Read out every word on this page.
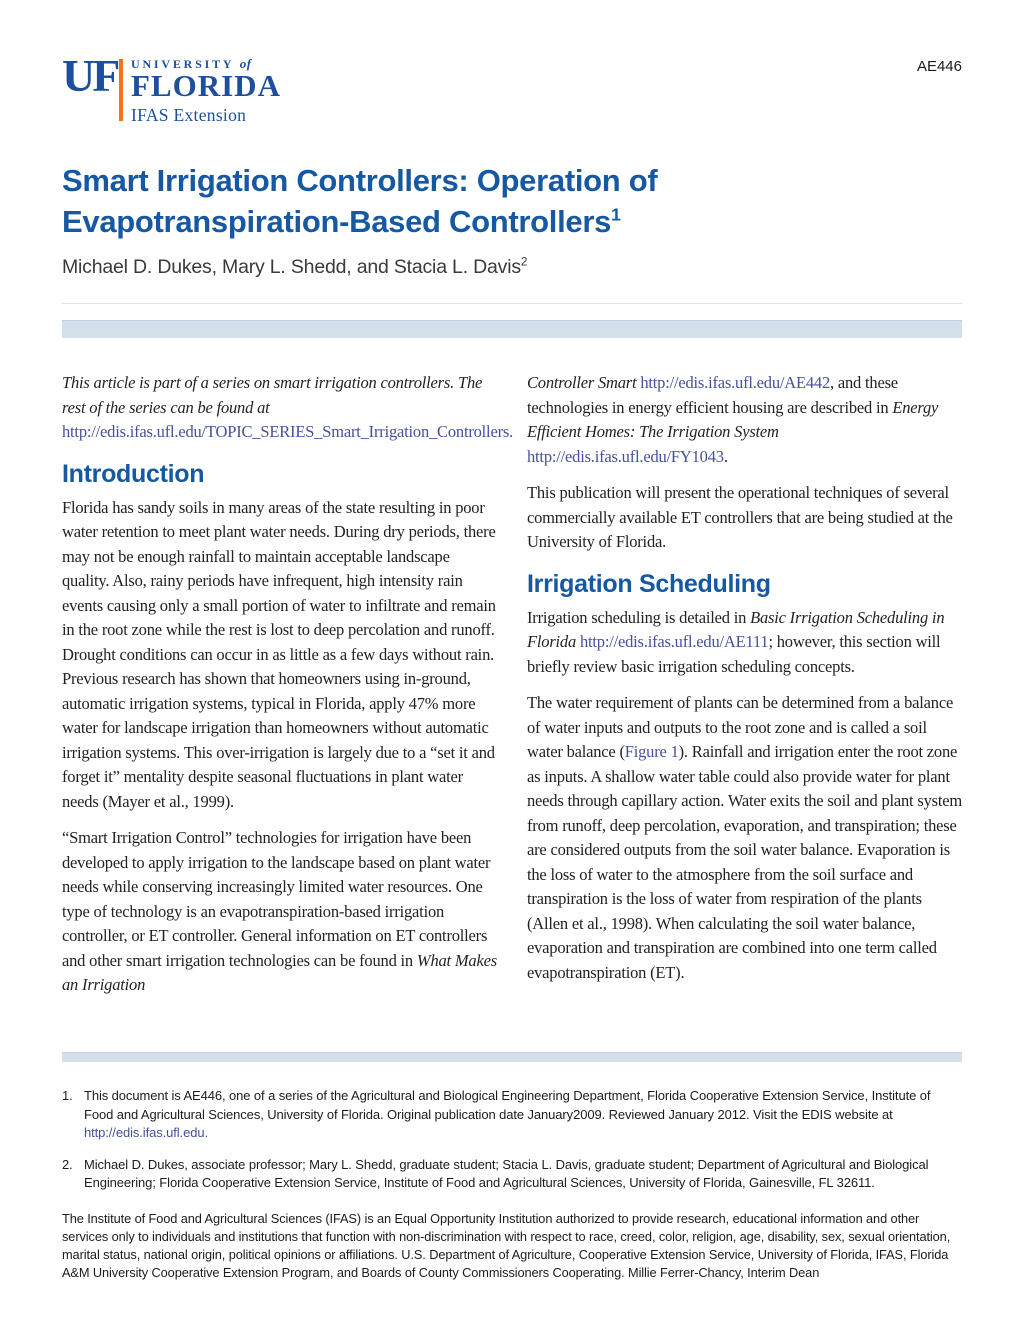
UF UNIVERSITY of
FLORIDA
IFAS Extension
AE446
Smart Irrigation Controllers: Operation of
Evapotranspiration-Based Controllers$^1$
Michael D. Dukes, Mary L. Shedd, and Stacia L. Davis$^2$

This article is part of a series on smart irrigation controllers. The rest of the series can be found at http://edis.ifas.ufl.edu/TOPIC_SERIES_Smart_Irrigation_Controllers.

Introduction

Florida has sandy soils in many areas of the state resulting in poor water retention to meet plant water needs. During dry periods, there may not be enough rainfall to maintain acceptable landscape quality. Also, rainy periods have infrequent, high intensity rain events causing only a small portion of water to infiltrate and remain in the root zone while the rest is lost to deep percolation and runoff. Drought conditions can occur in as little as a few days without rain. Previous research has shown that homeowners using in-ground, automatic irrigation systems, typical in Florida, apply 47% more water for landscape irrigation than homeowners without automatic irrigation systems. This over-irrigation is largely due to a “set it and forget it” mentality despite seasonal fluctuations in plant water needs (Mayer et al., 1999).

“Smart Irrigation Control” technologies for irrigation have been developed to apply irrigation to the landscape based on plant water needs while conserving increasingly limited water resources. One type of technology is an evapotranspiration-based irrigation controller, or ET controller. General information on ET controllers and other smart irrigation technologies can be found in What Makes an Irrigation

Controller Smart http://edis.ifas.ufl.edu/AE442, and these technologies in energy efficient housing are described in Energy Efficient Homes: The Irrigation System http://edis.ifas.ufl.edu/FY1043.

This publication will present the operational techniques of several commercially available ET controllers that are being studied at the University of Florida.

Irrigation Scheduling

Irrigation scheduling is detailed in Basic Irrigation Scheduling in Florida http://edis.ifas.ufl.edu/AE111; however, this section will briefly review basic irrigation scheduling concepts.

The water requirement of plants can be determined from a balance of water inputs and outputs to the root zone and is called a soil water balance (Figure 1). Rainfall and irrigation enter the root zone as inputs. A shallow water table could also provide water for plant needs through capillary action. Water exits the soil and plant system from runoff, deep percolation, evaporation, and transpiration; these are considered outputs from the soil water balance. Evaporation is the loss of water to the atmosphere from the soil surface and transpiration is the loss of water from respiration of the plants (Allen et al., 1998). When calculating the soil water balance, evaporation and transpiration are combined into one term called evapotranspiration (ET).

1. This document is AE446, one of a series of the Agricultural and Biological Engineering Department, Florida Cooperative Extension Service, Institute of Food and Agricultural Sciences, University of Florida. Original publication date January2009. Reviewed January 2012. Visit the EDIS website at http://edis.ifas.ufl.edu.
2. Michael D. Dukes, associate professor; Mary L. Shedd, graduate student; Stacia L. Davis, graduate student; Department of Agricultural and Biological Engineering; Florida Cooperative Extension Service, Institute of Food and Agricultural Sciences, University of Florida, Gainesville, FL 32611.
The Institute of Food and Agricultural Sciences (IFAS) is an Equal Opportunity Institution authorized to provide research, educational information and other services only to individuals and institutions that function with non-discrimination with respect to race, creed, color, religion, age, disability, sex, sexual orientation, marital status, national origin, political opinions or affiliations. U.S. Department of Agriculture, Cooperative Extension Service, University of Florida, IFAS, Florida A&M University Cooperative Extension Program, and Boards of County Commissioners Cooperating. Millie Ferrer-Chancy, Interim Dean
